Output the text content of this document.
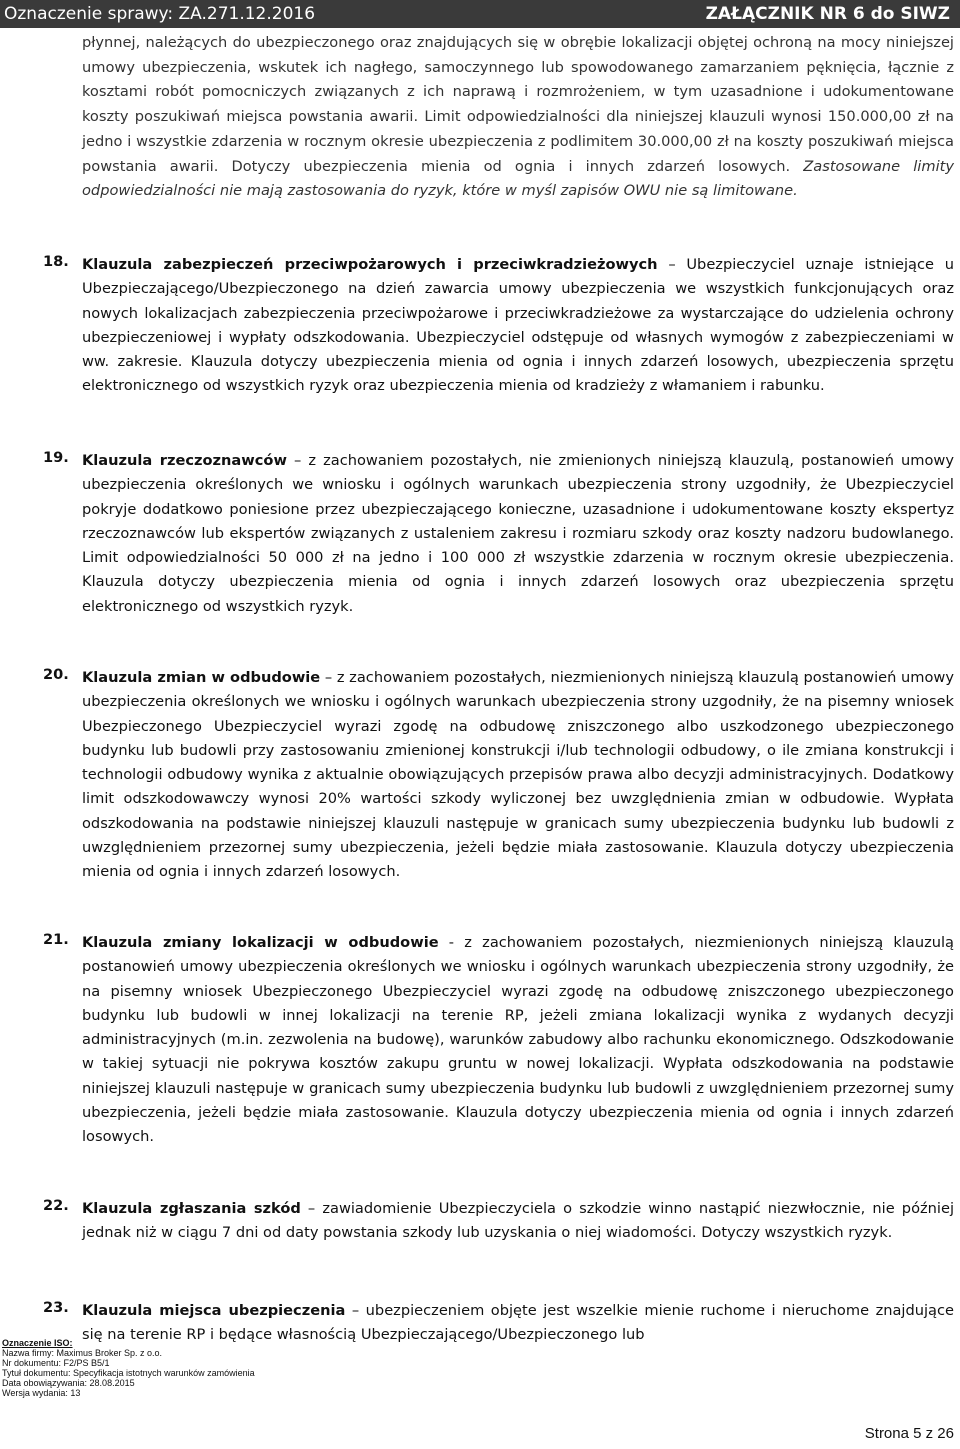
Oznaczenie sprawy: ZA.271.12.2016	ZAŁĄCZNIK NR 6 do SIWZ

płynnej, należących do ubezpieczonego oraz znajdujących się w obrębie lokalizacji objętej ochroną na mocy niniejszej umowy ubezpieczenia, wskutek ich nagłego, samoczynnego lub spowodowanego zamarzaniem pęknięcia, łącznie z kosztami robót pomocniczych związanych z ich naprawą i rozmrożeniem, w tym uzasadnione i udokumentowane koszty poszukiwań miejsca powstania awarii. Limit odpowiedzialności dla niniejszej klauzuli wynosi 150.000,00 zł na jedno i wszystkie zdarzenia w rocznym okresie ubezpieczenia z podlimitem 30.000,00 zł na koszty poszukiwań miejsca powstania awarii. Dotyczy ubezpieczenia mienia od ognia i innych zdarzeń losowych. Zastosowane limity odpowiedzialności nie mają zastosowania do ryzyk, które w myśl zapisów OWU nie są limitowane.

18. Klauzula zabezpieczeń przeciwpożarowych i przeciwkradzieżowych – Ubezpieczyciel uznaje istniejące u Ubezpieczającego/Ubezpieczonego na dzień zawarcia umowy ubezpieczenia we wszystkich funkcjonujących oraz nowych lokalizacjach zabezpieczenia przeciwpożarowe i przeciwkradzieżowe za wystarczające do udzielenia ochrony ubezpieczeniowej i wypłaty odszkodowania. Ubezpieczyciel odstępuje od własnych wymogów z zabezpieczeniami w ww. zakresie. Klauzula dotyczy ubezpieczenia mienia od ognia i innych zdarzeń losowych, ubezpieczenia sprzętu elektronicznego od wszystkich ryzyk oraz ubezpieczenia mienia od kradzieży z włamaniem i rabunku.

19. Klauzula rzeczoznawców – z zachowaniem pozostałych, nie zmienionych niniejszą klauzulą, postanowień umowy ubezpieczenia określonych we wniosku i ogólnych warunkach ubezpieczenia strony uzgodniły, że Ubezpieczyciel pokryje dodatkowo poniesione przez ubezpieczającego konieczne, uzasadnione i udokumentowane koszty ekspertyz rzeczoznawców lub ekspertów związanych z ustaleniem zakresu i rozmiaru szkody oraz koszty nadzoru budowlanego. Limit odpowiedzialności 50 000 zł na jedno i 100 000 zł wszystkie zdarzenia w rocznym okresie ubezpieczenia. Klauzula dotyczy ubezpieczenia mienia od ognia i innych zdarzeń losowych oraz ubezpieczenia sprzętu elektronicznego od wszystkich ryzyk.

20. Klauzula zmian w odbudowie – z zachowaniem pozostałych, niezmienionych niniejszą klauzulą postanowień umowy ubezpieczenia określonych we wniosku i ogólnych warunkach ubezpieczenia strony uzgodniły, że na pisemny wniosek Ubezpieczonego Ubezpieczyciel wyrazi zgodę na odbudowę zniszczonego albo uszkodzonego ubezpieczonego budynku lub budowli przy zastosowaniu zmienionej konstrukcji i/lub technologii odbudowy, o ile zmiana konstrukcji i technologii odbudowy wynika z aktualnie obowiązujących przepisów prawa albo decyzji administracyjnych. Dodatkowy limit odszkodowawczy wynosi 20% wartości szkody wyliczonej bez uwzględnienia zmian w odbudowie. Wypłata odszkodowania na podstawie niniejszej klauzuli następuje w granicach sumy ubezpieczenia budynku lub budowli z uwzględnieniem przezornej sumy ubezpieczenia, jeżeli będzie miała zastosowanie. Klauzula dotyczy ubezpieczenia mienia od ognia i innych zdarzeń losowych.

21. Klauzula zmiany lokalizacji w odbudowie - z zachowaniem pozostałych, niezmienionych niniejszą klauzulą postanowień umowy ubezpieczenia określonych we wniosku i ogólnych warunkach ubezpieczenia strony uzgodniły, że na pisemny wniosek Ubezpieczonego Ubezpieczyciel wyrazi zgodę na odbudowę zniszczonego ubezpieczonego budynku lub budowli w innej lokalizacji na terenie RP, jeżeli zmiana lokalizacji wynika z wydanych decyzji administracyjnych (m.in. zezwolenia na budowę), warunków zabudowy albo rachunku ekonomicznego. Odszkodowanie w takiej sytuacji nie pokrywa kosztów zakupu gruntu w nowej lokalizacji. Wypłata odszkodowania na podstawie niniejszej klauzuli następuje w granicach sumy ubezpieczenia budynku lub budowli z uwzględnieniem przezornej sumy ubezpieczenia, jeżeli będzie miała zastosowanie. Klauzula dotyczy ubezpieczenia mienia od ognia i innych zdarzeń losowych.

22. Klauzula zgłaszania szkód – zawiadomienie Ubezpieczyciela o szkodzie winno nastąpić niezwłocznie, nie później jednak niż w ciągu 7 dni od daty powstania szkody lub uzyskania o niej wiadomości. Dotyczy wszystkich ryzyk.

23. Klauzula miejsca ubezpieczenia – ubezpieczeniem objęte jest wszelkie mienie ruchome i nieruchome znajdujące się na terenie RP i będące własnością Ubezpieczającego/Ubezpieczonego lub

Oznaczenie ISO:
Nazwa firmy: Maximus Broker Sp. z o.o.
Nr dokumentu: F2/PS B5/1
Tytuł dokumentu: Specyfikacja istotnych warunków zamówienia
Data obowiązywania: 28.08.2015
Wersja wydania: 13
Strona 5 z 26
